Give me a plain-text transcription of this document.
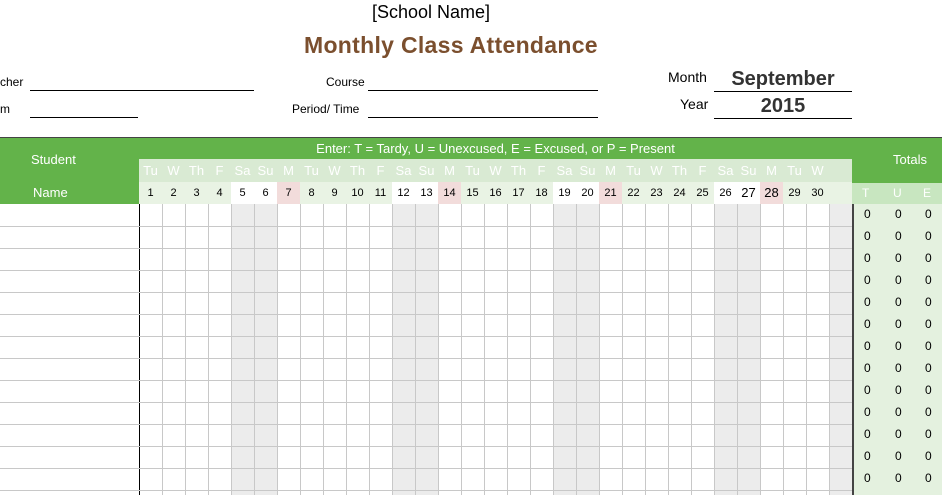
[School Name]
Monthly Class Attendance
cher
m
Course
Period/ Time
Month	September
Year	2015
Student
Name
Enter: T = Tardy, U = Unexcused, E = Excused, or P = Present
Totals
T U E
Tu W Th F Sa Su M Tu W Th F Sa Su M Tu W Th F Sa Su M Tu W Th F Sa Su M Tu W
1	2	3	4	5	6	7	8	9	10	11	12 13 14 15 16 17 18 19 20 21 22 23 24 25 26 27 28 29 30
0 0 0
0 0 0
0 0 0
0 0 0
0 0 0
0 0 0
0 0 0
0 0 0
0 0 0
0 0 0
0 0 0
0 0 0
0 0 0
